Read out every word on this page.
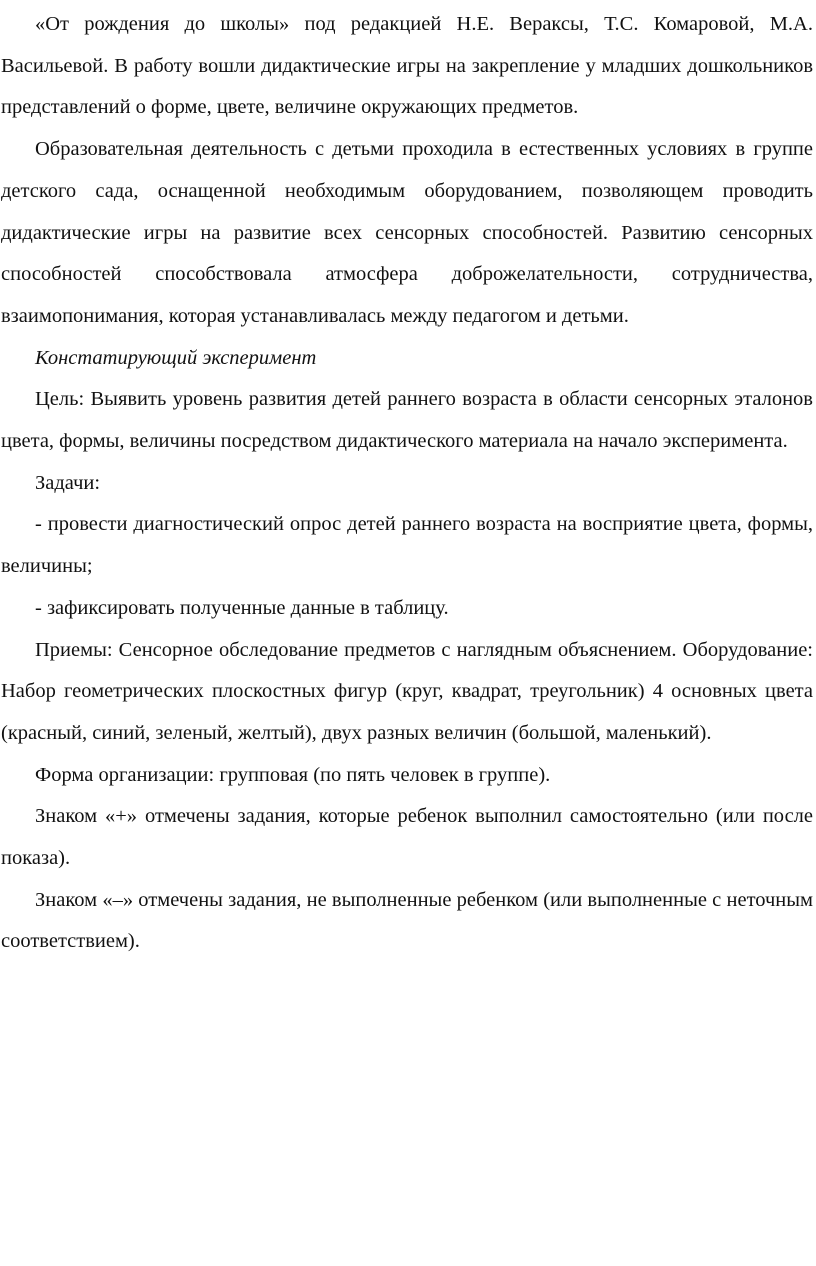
«От рождения до школы» под редакцией Н.Е. Вераксы, Т.С. Комаровой, М.А. Васильевой. В работу вошли дидактические игры на закрепление у младших дошкольников представлений о форме, цвете, величине окружающих предметов.

Образовательная деятельность с детьми проходила в естественных условиях в группе детского сада, оснащенной необходимым оборудованием, позволяющем проводить дидактические игры на развитие всех сенсорных способностей. Развитию сенсорных способностей способствовала атмосфера доброжелательности, сотрудничества, взаимопонимания, которая устанавливалась между педагогом и детьми.

Констатирующий эксперимент

Цель: Выявить уровень развития детей раннего возраста в области сенсорных эталонов цвета, формы, величины посредством дидактического материала на начало эксперимента.

Задачи:

- провести диагностический опрос детей раннего возраста на восприятие цвета, формы, величины;

- зафиксировать полученные данные в таблицу.

Приемы: Сенсорное обследование предметов с наглядным объяснением. Оборудование: Набор геометрических плоскостных фигур (круг, квадрат, треугольник) 4 основных цвета (красный, синий, зеленый, желтый), двух разных величин (большой, маленький).

Форма организации: групповая (по пять человек в группе).

Знаком «+» отмечены задания, которые ребенок выполнил самостоятельно (или после показа).

Знаком «–» отмечены задания, не выполненные ребенком (или выполненные с неточным соответствием).
